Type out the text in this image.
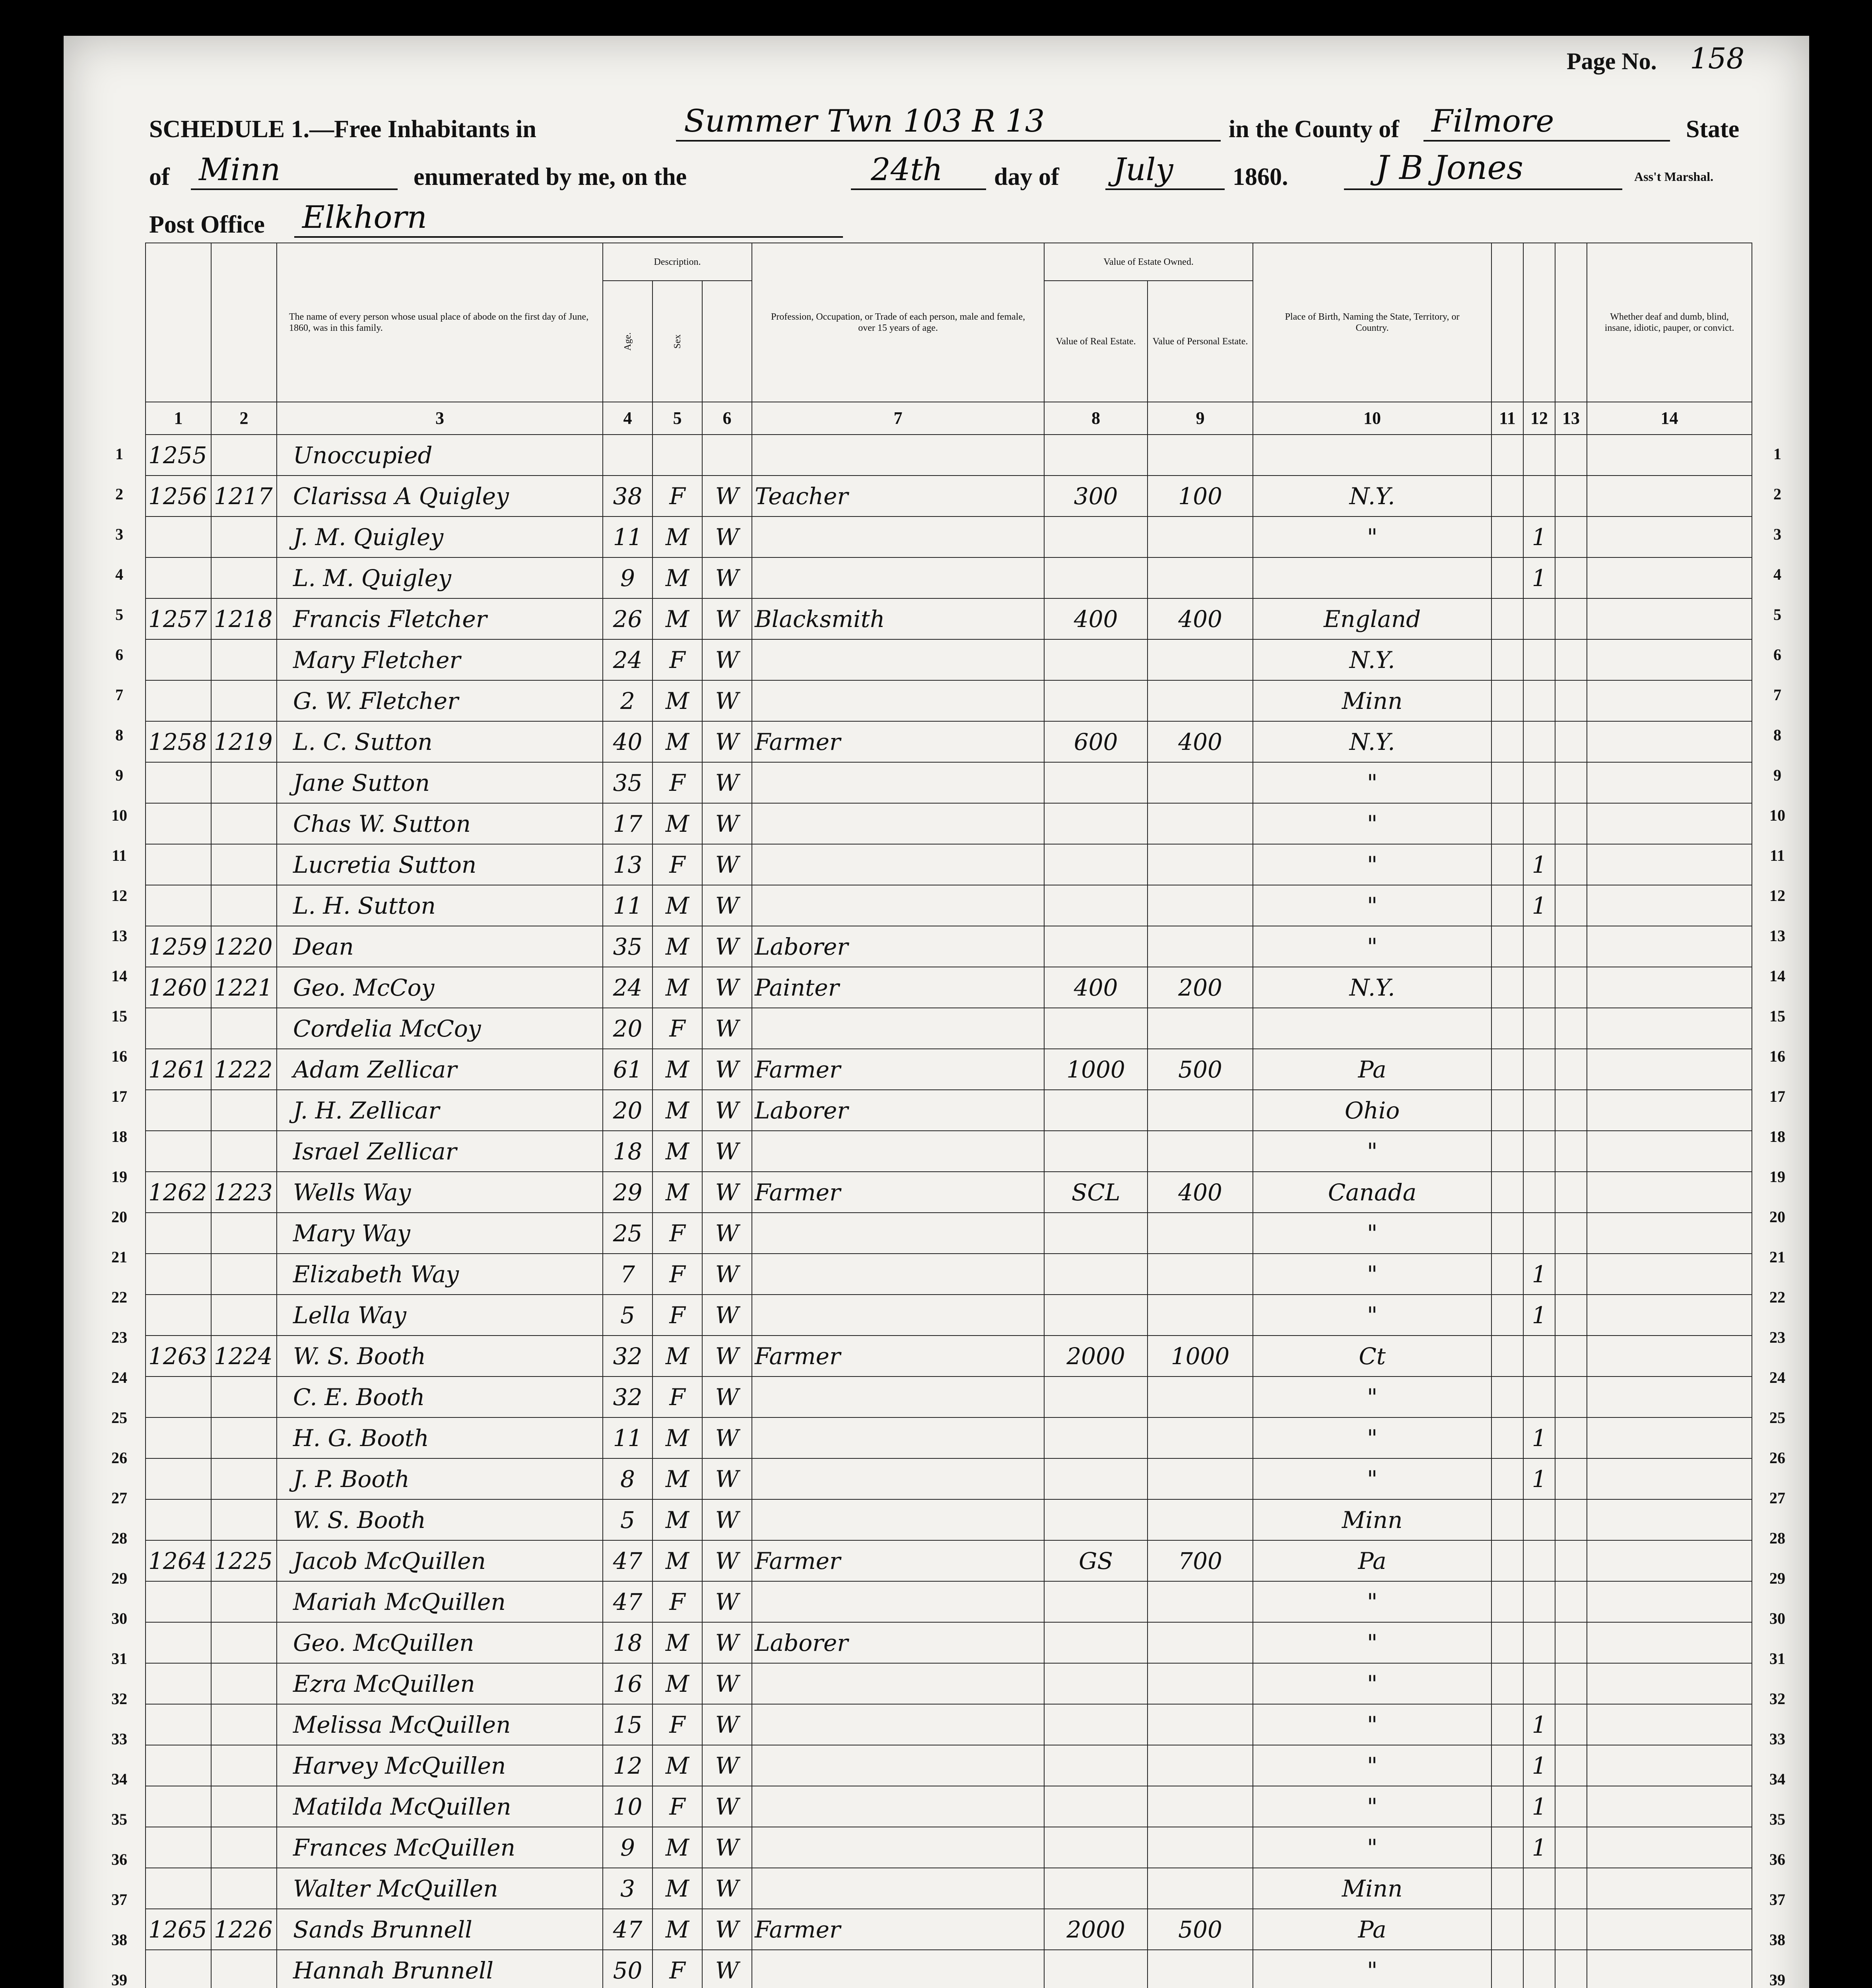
Page No. 158
SCHEDULE 1.—Free Inhabitants in	Summer Twn 103 R 13	in the County of Filmore	State
of Minn	enumerated by me, on the	24th day of July 1860.	J B Jones	Ass't Marshal.
Post Office Elkhorn
1
2
3
4
5
6
7
8
9
10
11
12
13
14
15
16
17
18
19
20
21
22
23
24
25
26
27
28
29
30
31
32
33
34
35
36
37
38
39
1
2
3
4
5
6
7
8
9
10
11
12
13
14
15
16
17
18
19
20
21
22
23
24
25
26
27
28
29
30
31
32
33
34
35
36
37
38
39
		The name of every person whose usual place of abode on the first day of June, 1860, was in this family.	Description.			Profession, Occupation, or Trade of each person, male and female, over 15 years of age.	Value of Estate Owned.		Place of Birth, Naming the State, Territory, or Country.				Whether deaf and dumb, blind, insane, idiotic, pauper, or convict.
			Age.	Sex			Value of Real Estate.	Value of Personal Estate.					
1	2	3	4	5	6	7	8	9	10	11	12	13	14
1255		Unoccupied											
1256	1217	Clarissa A Quigley	38	F	W	Teacher	300	100	N.Y.				
		J. M. Quigley	11	M	W				"		1		
		L. M. Quigley	9	M	W						1		
1257	1218	Francis Fletcher	26	M	W	Blacksmith	400	400	England				
		Mary Fletcher	24	F	W				N.Y.				
		G. W. Fletcher	2	M	W				Minn				
1258	1219	L. C. Sutton	40	M	W	Farmer	600	400	N.Y.				
		Jane Sutton	35	F	W				"				
		Chas W. Sutton	17	M	W				"				
		Lucretia Sutton	13	F	W				"		1		
		L. H. Sutton	11	M	W				"		1		
1259	1220	Dean	35	M	W	Laborer			"				
1260	1221	Geo. McCoy	24	M	W	Painter	400	200	N.Y.				
		Cordelia McCoy	20	F	W								
1261	1222	Adam Zellicar	61	M	W	Farmer	1000	500	Pa				
		J. H. Zellicar	20	M	W	Laborer			Ohio				
		Israel Zellicar	18	M	W				"				
1262	1223	Wells Way	29	M	W	Farmer	SCL	400	Canada				
		Mary Way	25	F	W				"				
		Elizabeth Way	7	F	W				"		1		
		Lella Way	5	F	W				"		1		
1263	1224	W. S. Booth	32	M	W	Farmer	2000	1000	Ct				
		C. E. Booth	32	F	W				"				
		H. G. Booth	11	M	W				"		1		
		J. P. Booth	8	M	W				"		1		
		W. S. Booth	5	M	W				Minn				
1264	1225	Jacob McQuillen	47	M	W	Farmer	GS	700	Pa				
		Mariah McQuillen	47	F	W				"				
		Geo. McQuillen	18	M	W	Laborer			"				
		Ezra McQuillen	16	M	W				"				
		Melissa McQuillen	15	F	W				"		1		
		Harvey McQuillen	12	M	W				"		1		
		Matilda McQuillen	10	F	W				"		1		
		Frances McQuillen	9	M	W				"		1		
		Walter McQuillen	3	M	W				Minn				
1265	1226	Sands Brunnell	47	M	W	Farmer	2000	500	Pa				
		Hannah Brunnell	50	F	W				"				
